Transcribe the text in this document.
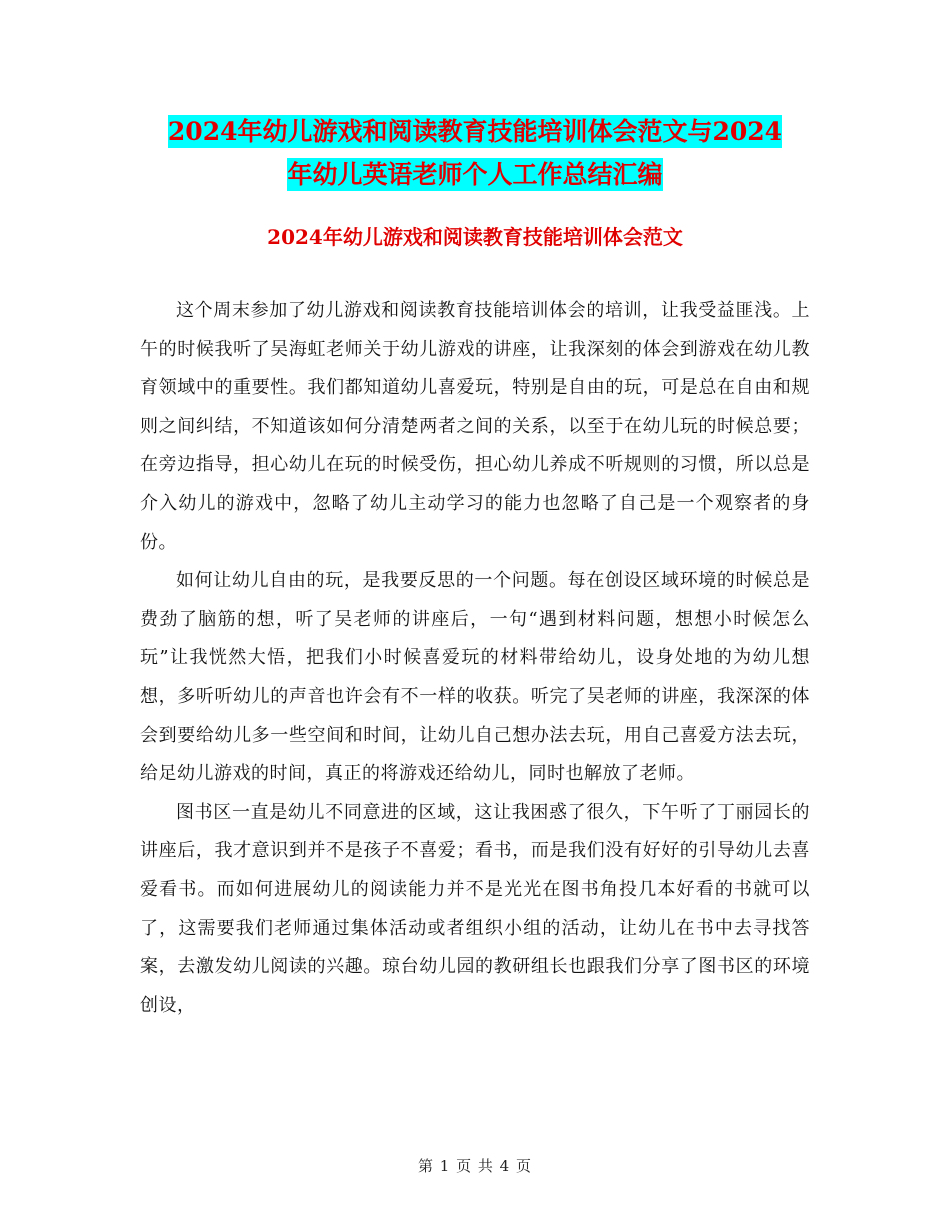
2024年幼儿游戏和阅读教育技能培训体会范文与2024
年幼儿英语老师个人工作总结汇编
2024年幼儿游戏和阅读教育技能培训体会范文

这个周末参加了幼儿游戏和阅读教育技能培训体会的培训，让我受益匪浅。上午的时候我听了吴海虹老师关于幼儿游戏的讲座，让我深刻的体会到游戏在幼儿教育领域中的重要性。我们都知道幼儿喜爱玩，特别是自由的玩，可是总在自由和规则之间纠结，不知道该如何分清楚两者之间的关系，以至于在幼儿玩的时候总要；在旁边指导，担心幼儿在玩的时候受伤，担心幼儿养成不听规则的习惯，所以总是介入幼儿的游戏中，忽略了幼儿主动学习的能力也忽略了自己是一个观察者的身份。

如何让幼儿自由的玩，是我要反思的一个问题。每在创设区域环境的时候总是费劲了脑筋的想，听了吴老师的讲座后，一句“遇到材料问题，想想小时候怎么玩”让我恍然大悟，把我们小时候喜爱玩的材料带给幼儿，设身处地的为幼儿想想，多听听幼儿的声音也许会有不一样的收获。听完了吴老师的讲座，我深深的体会到要给幼儿多一些空间和时间，让幼儿自己想办法去玩，用自己喜爱方法去玩，给足幼儿游戏的时间，真正的将游戏还给幼儿，同时也解放了老师。

图书区一直是幼儿不同意进的区域，这让我困惑了很久，下午听了丁丽园长的讲座后，我才意识到并不是孩子不喜爱；看书，而是我们没有好好的引导幼儿去喜爱看书。而如何进展幼儿的阅读能力并不是光光在图书角投几本好看的书就可以了，这需要我们老师通过集体活动或者组织小组的活动，让幼儿在书中去寻找答案，去激发幼儿阅读的兴趣。琼台幼儿园的教研组长也跟我们分享了图书区的环境创设，

第 1 页 共 4 页
